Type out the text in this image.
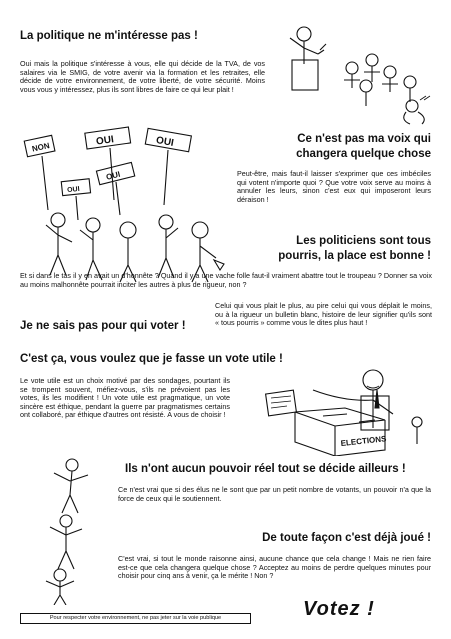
La politique ne m'intéresse pas !
Oui mais la politique s'intéresse à vous, elle qui décide de la TVA, de vos salaires via le SMIG, de votre avenir via la formation et les retraites, elle décide de votre environnement, de votre liberté, de votre sécurité. Moins vous vous y intéressez, plus ils sont libres de faire ce qui leur plait !
NON	OUI	OUI
OUI
OUI
Ce n'est pas ma voix qui
changera quelque chose
Peut-être, mais faut-il laisser s'exprimer que ces imbéciles qui votent n'importe quoi ? Que votre voix serve au moins à annuler les leurs, sinon c'est eux qui imposeront leurs déraison !
Les politiciens sont tous
pourris, la place est bonne !
Et si dans le tas il y en avait un d'honnête ? Quand il y a une vache folle faut-il vraiment abattre tout le troupeau ? Donner sa voix au moins malhonnête pourrait inciter les autres à plus de rigueur, non ?
Je ne sais pas pour qui voter !
Celui qui vous plait le plus, au pire celui qui vous déplait le moins, ou à la rigueur un bulletin blanc, histoire de leur signifier qu'ils sont « tous pourris » comme vous le dites plus haut !
C'est ça, vous voulez que je fasse un vote utile !
Le vote utile est un choix motivé par des sondages, pourtant ils se trompent souvent, méfiez-vous, s'ils ne prévoient pas les votes, ils les modifient ! Un vote utile est pragmatique, un vote sincère est éthique, pendant la guerre par pragmatismes certains ont collaboré, par éthique d'autres ont résisté. A vous de choisir !
ELECTIONS
Ils n'ont aucun pouvoir réel tout se décide ailleurs !
Ce n'est vrai que si des élus ne le sont que par un petit nombre de votants, un pouvoir n'a que la force de ceux qui le soutiennent.
De toute façon c'est déjà joué !
C'est vrai, si tout le monde raisonne ainsi, aucune chance que cela change ! Mais ne rien faire est-ce que cela changera quelque chose ? Acceptez au moins de perdre quelques minutes pour choisir pour cinq ans à venir, ça le mérite ! Non ?
Pour respecter votre environnement, ne pas jeter sur la voie publique	Votez !
